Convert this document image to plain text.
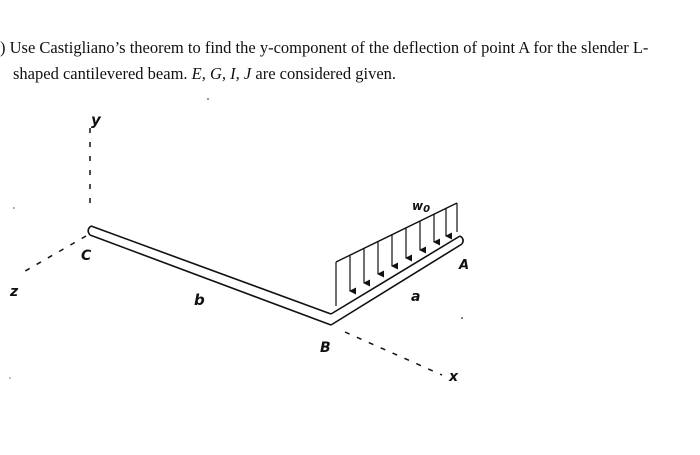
) Use Castigliano’s theorem to find the y-component of the deflection of point A for the slender L-
shaped cantilevered beam. E, G, I, J are considered given.
y
z
x
C
B
A
b	a
w0
